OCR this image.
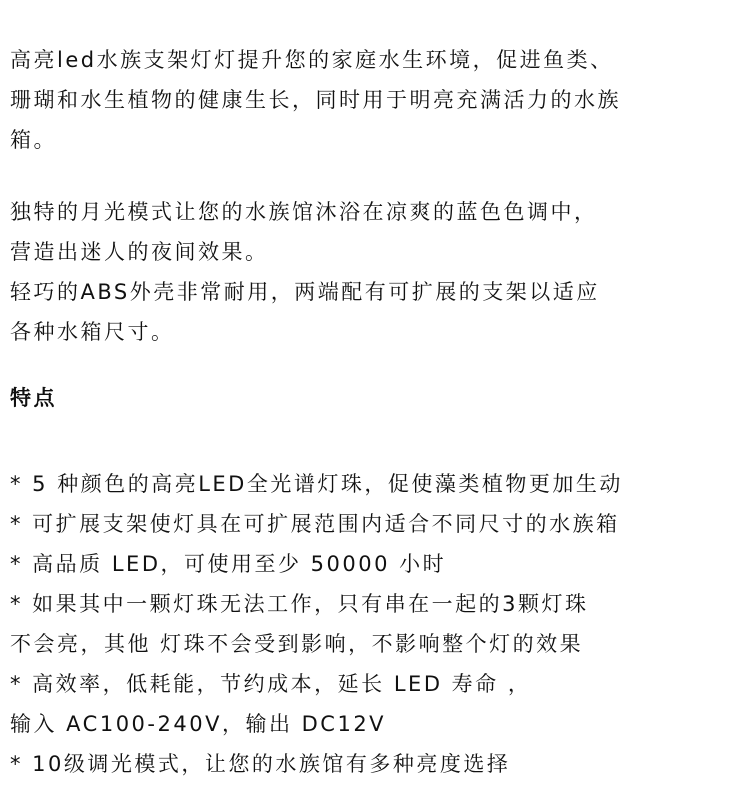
高亮led水族支架灯灯提升您的家庭水生环境，促进鱼类、
珊瑚和水生植物的健康生长，同时用于明亮充满活力的水族
箱。
独特的月光模式让您的水族馆沐浴在凉爽的蓝色色调中，
营造出迷人的夜间效果。
轻巧的ABS外壳非常耐用，两端配有可扩展的支架以适应
各种水箱尺寸。
特点
* 5 种颜色的高亮LED全光谱灯珠，促使藻类植物更加生动
* 可扩展支架使灯具在可扩展范围内适合不同尺寸的水族箱
* 高品质 LED，可使用至少 50000 小时
* 如果其中一颗灯珠无法工作，只有串在一起的3颗灯珠
不会亮，其他 灯珠不会受到影响，不影响整个灯的效果
* 高效率，低耗能，节约成本，延长 LED 寿命 ，
输入 AC100-240V，输出 DC12V
* 10级调光模式，让您的水族馆有多种亮度选择
